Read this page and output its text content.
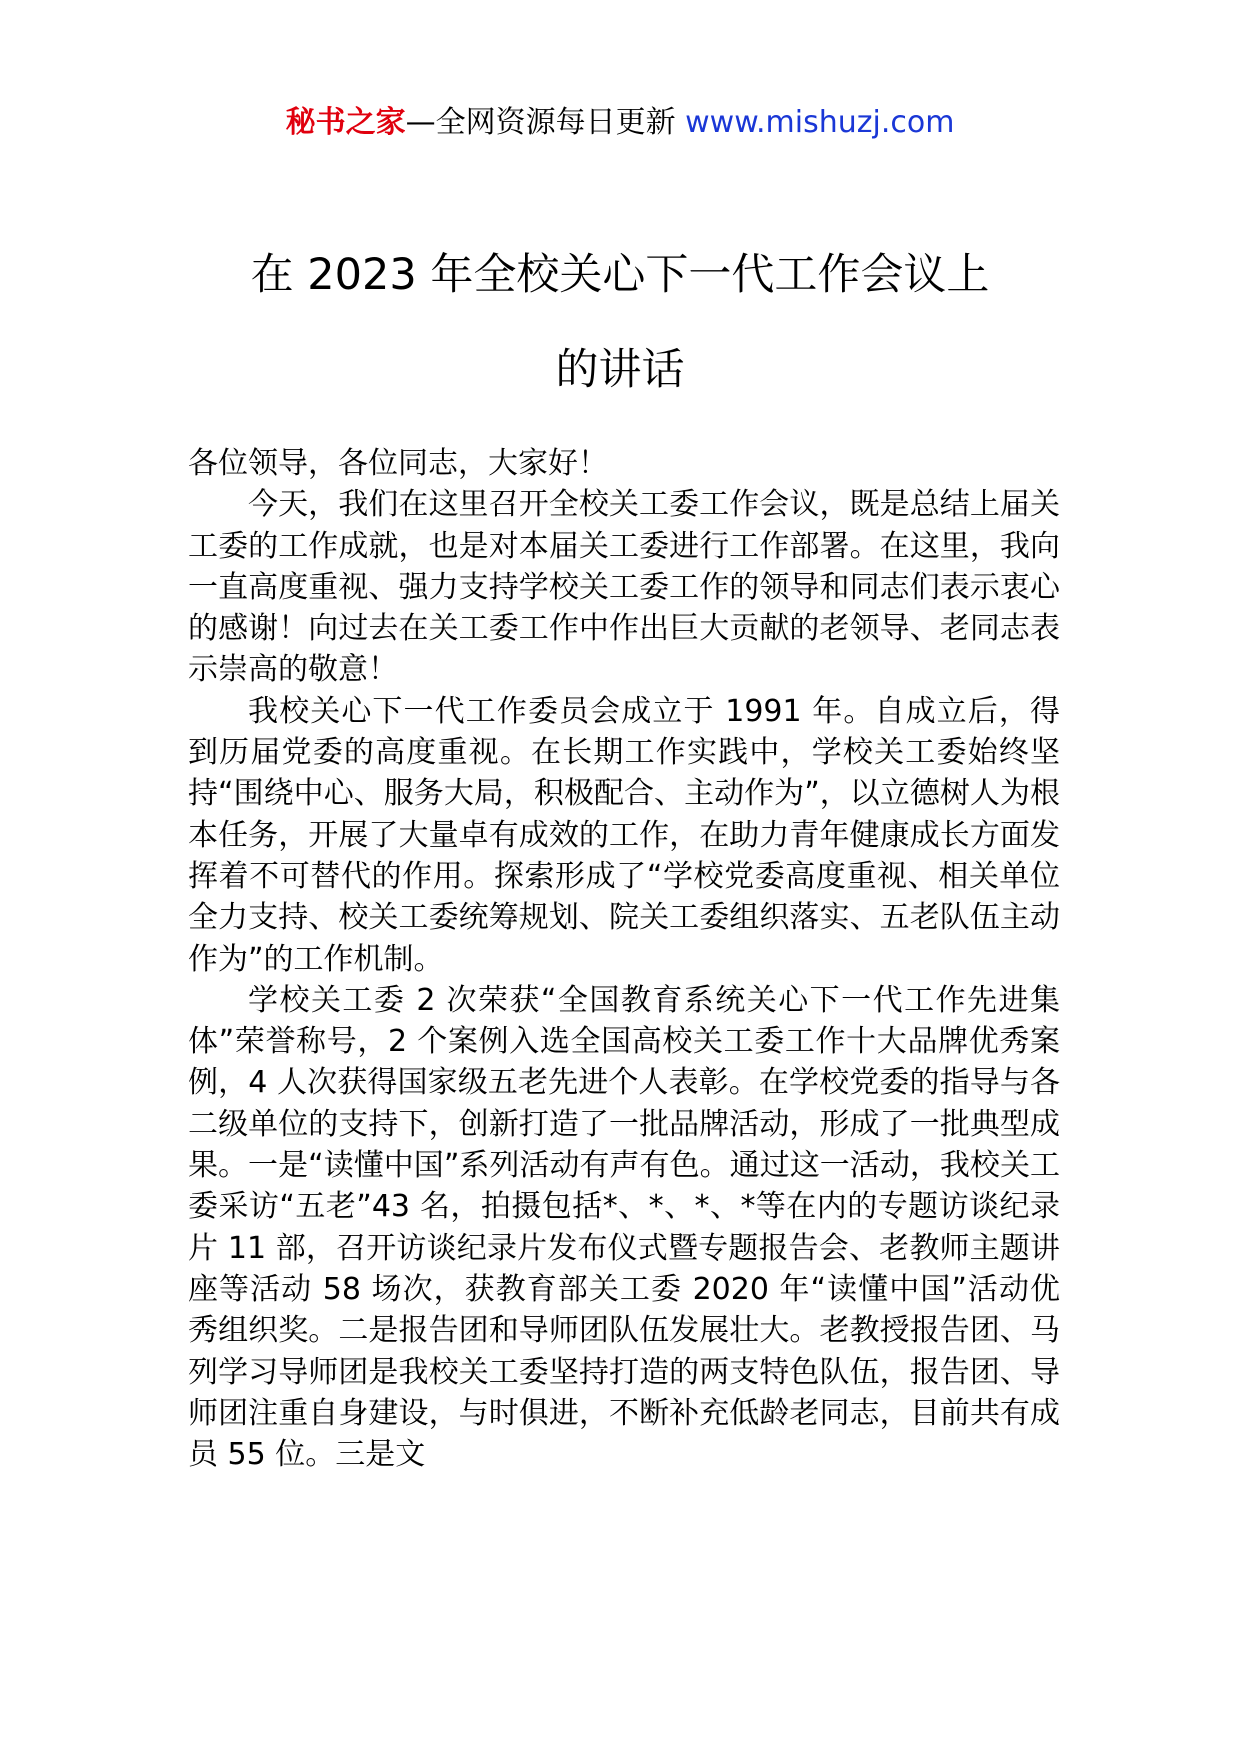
秘书之家—全网资源每日更新 www.mishuzj.com
在 2023 年全校关心下一代工作会议上
的讲话

各位领导，各位同志，大家好！

今天，我们在这里召开全校关工委工作会议，既是总结上届关工委的工作成就，也是对本届关工委进行工作部署。在这里，我向一直高度重视、强力支持学校关工委工作的领导和同志们表示衷心的感谢！向过去在关工委工作中作出巨大贡献的老领导、老同志表示崇高的敬意！

我校关心下一代工作委员会成立于 1991 年。自成立后，得到历届党委的高度重视。在长期工作实践中，学校关工委始终坚持“围绕中心、服务大局，积极配合、主动作为”，以立德树人为根本任务，开展了大量卓有成效的工作，在助力青年健康成长方面发挥着不可替代的作用。探索形成了“学校党委高度重视、相关单位全力支持、校关工委统筹规划、院关工委组织落实、五老队伍主动作为”的工作机制。

学校关工委 2 次荣获“全国教育系统关心下一代工作先进集体”荣誉称号，2 个案例入选全国高校关工委工作十大品牌优秀案例，4 人次获得国家级五老先进个人表彰。在学校党委的指导与各二级单位的支持下，创新打造了一批品牌活动，形成了一批典型成果。一是“读懂中国”系列活动有声有色。通过这一活动，我校关工委采访“五老”43 名，拍摄包括*、*、*、*等在内的专题访谈纪录片 11 部，召开访谈纪录片发布仪式暨专题报告会、老教师主题讲座等活动 58 场次，获教育部关工委 2020 年“读懂中国”活动优秀组织奖。二是报告团和导师团队伍发展壮大。老教授报告团、马列学习导师团是我校关工委坚持打造的两支特色队伍，报告团、导师团注重自身建设，与时俱进，不断补充低龄老同志，目前共有成员 55 位。三是文
